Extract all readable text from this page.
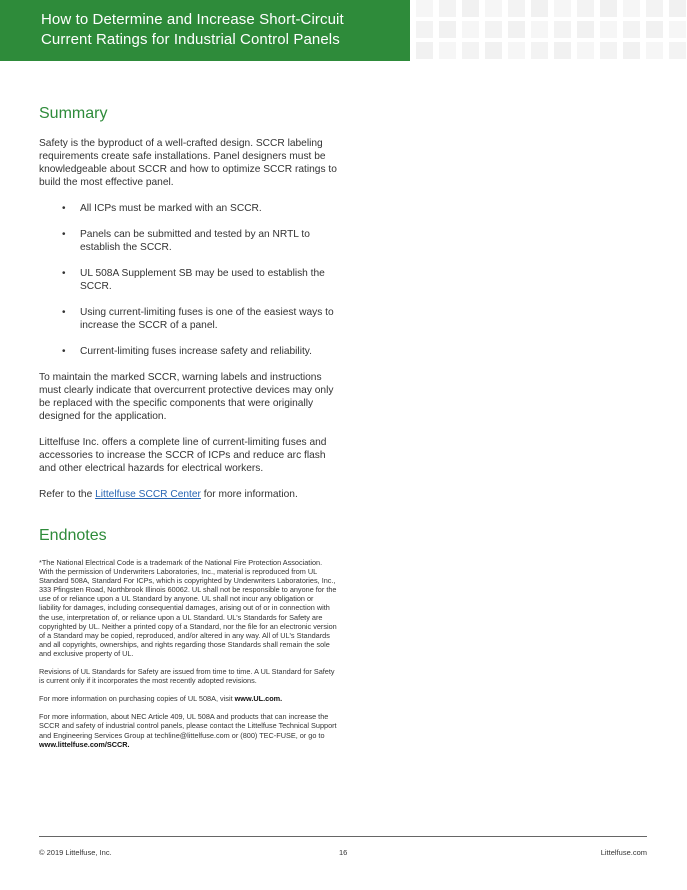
How to Determine and Increase Short-Circuit
Current Ratings for Industrial Control Panels
Summary

Safety is the byproduct of a well-crafted design. SCCR labeling requirements create safe installations. Panel designers must be knowledgeable about SCCR and how to optimize SCCR ratings to build the most effective panel.

• All ICPs must be marked with an SCCR.
• Panels can be submitted and tested by an NRTL to establish the SCCR.
• UL 508A Supplement SB may be used to establish the SCCR.
• Using current-limiting fuses is one of the easiest ways to increase the SCCR of a panel.
• Current-limiting fuses increase safety and reliability.

To maintain the marked SCCR, warning labels and instructions must clearly indicate that overcurrent protective devices may only be replaced with the specific components that were originally designed for the application.

Littelfuse Inc. offers a complete line of current-limiting fuses and accessories to increase the SCCR of ICPs and reduce arc flash and other electrical hazards for electrical workers.

Refer to the Littelfuse SCCR Center for more information.

Endnotes

*The National Electrical Code is a trademark of the National Fire Protection Association. With the permission of Underwriters Laboratories, Inc., material is reproduced from UL Standard 508A, Standard For ICPs, which is copyrighted by Underwriters Laboratories, Inc., 333 Pfingsten Road, Northbrook Illinois 60062. UL shall not be responsible to anyone for the use of or reliance upon a UL Standard by anyone. UL shall not incur any obligation or liability for damages, including consequential damages, arising out of or in connection with the use, interpretation of, or reliance upon a UL Standard. UL's Standards for Safety are copyrighted by UL. Neither a printed copy of a Standard, nor the file for an electronic version of a Standard may be copied, reproduced, and/or altered in any way. All of UL's Standards and all copyrights, ownerships, and rights regarding those Standards shall remain the sole and exclusive property of UL.

Revisions of UL Standards for Safety are issued from time to time. A UL Standard for Safety is current only if it incorporates the most recently adopted revisions.

For more information on purchasing copies of UL 508A, visit www.UL.com.

For more information, about NEC Article 409, UL 508A and products that can increase the SCCR and safety of industrial control panels, please contact the Littelfuse Technical Support and Engineering Services Group at techline@littelfuse.com or (800) TEC-FUSE, or go to www.littelfuse.com/SCCR.

© 2019 Littelfuse, Inc.	16	Littelfuse.com
